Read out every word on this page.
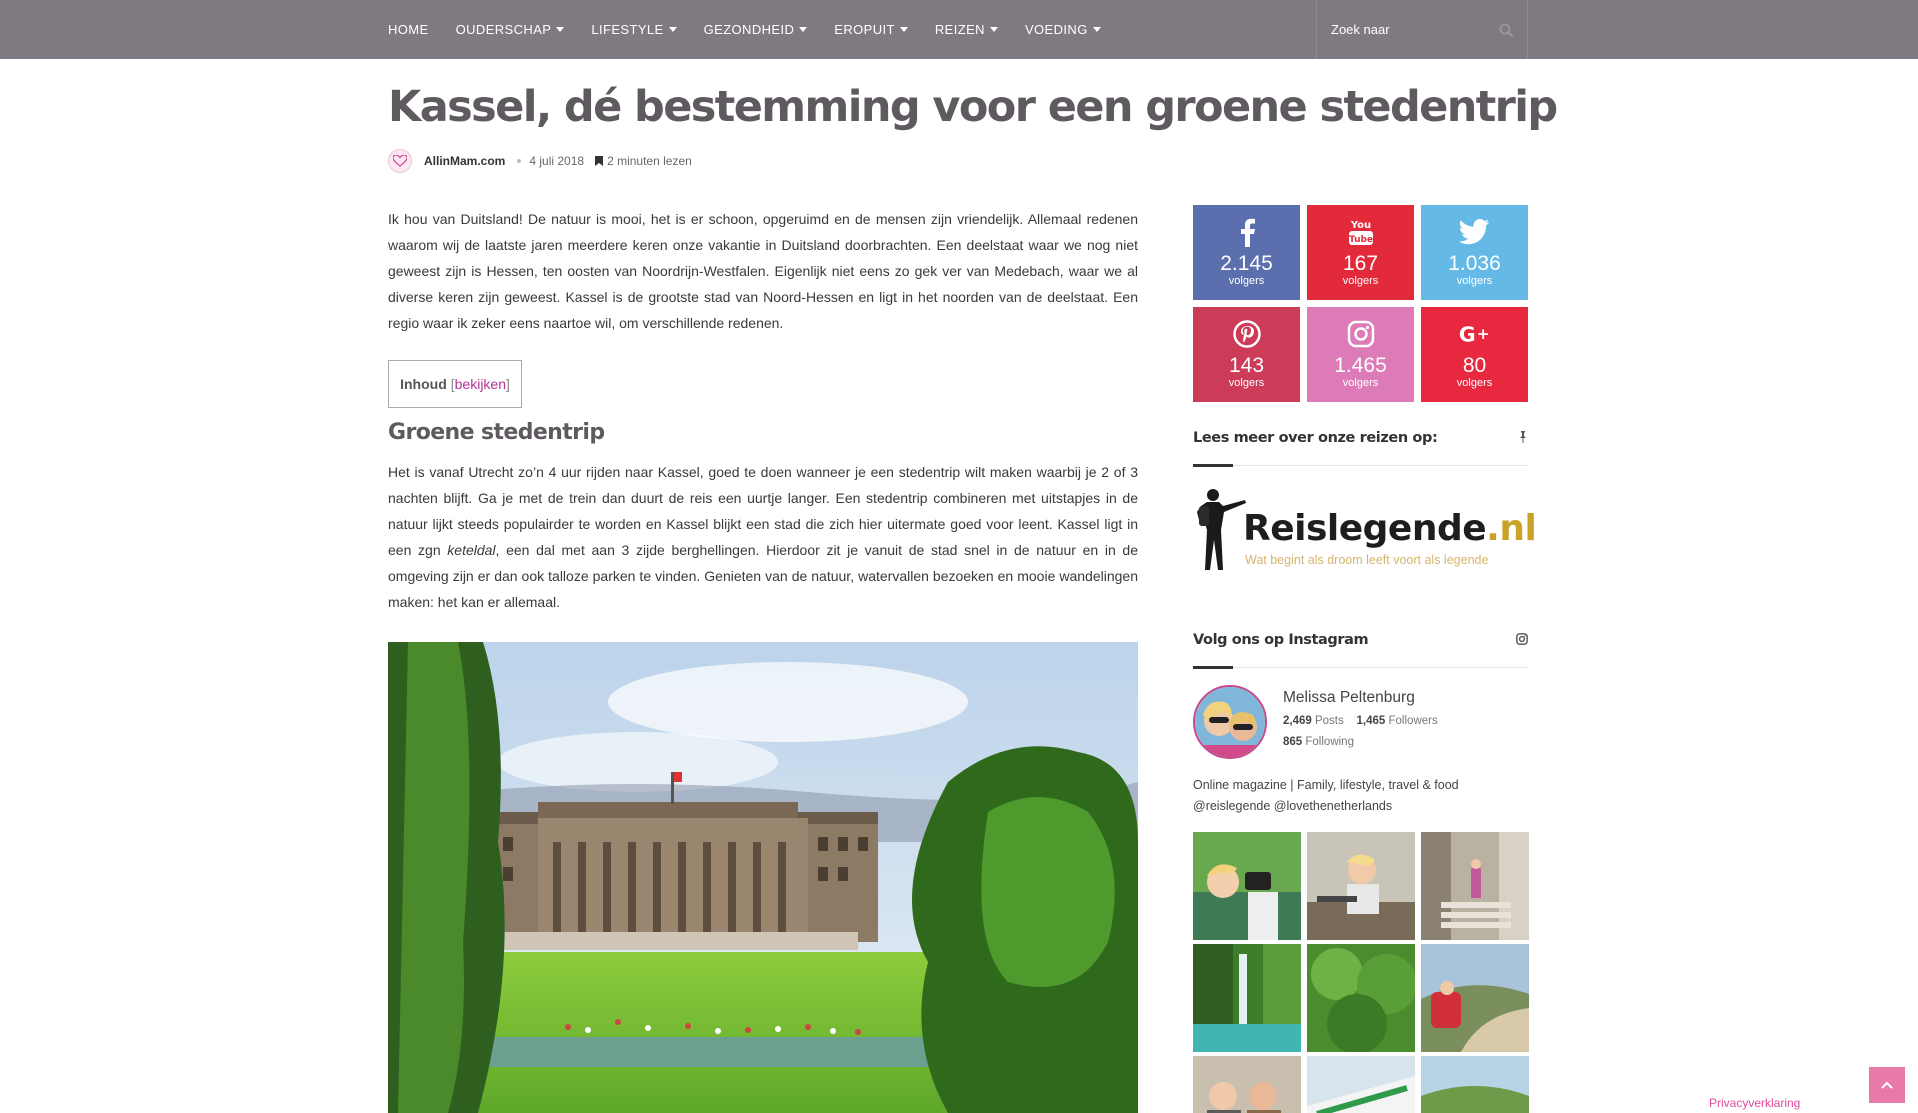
HOME OUDERSCHAP	LIFESTYLE	GEZONDHEID	EROPUIT	REIZEN	VOEDING
Zoek naar
Kassel, dé bestemming voor een groene stedentrip
AllinMam.com 4 juli 2018 2 minuten lezen

Ik hou van Duitsland! De natuur is mooi, het is er schoon, opgeruimd en de mensen zijn vriendelijk. Allemaal redenen waarom wij de laatste jaren meerdere keren onze vakantie in Duitsland doorbrachten. Een deelstaat waar we nog niet geweest zijn is Hessen, ten oosten van Noordrijn-Westfalen. Eigenlijk niet eens zo gek ver van Medebach, waar we al diverse keren zijn geweest. Kassel is de grootste stad van Noord-Hessen en ligt in het noorden van de deelstaat. Een regio waar ik zeker eens naartoe wil, om verschillende redenen.

Inhoud [bekijken]
Groene stedentrip

Het is vanaf Utrecht zo’n 4 uur rijden naar Kassel, goed te doen wanneer je een stedentrip wilt maken waarbij je 2 of 3 nachten blijft. Ga je met de trein dan duurt de reis een uurtje langer. Een stedentrip combineren met uitstapjes in de natuur lijkt steeds populairder te worden en Kassel blijkt een stad die zich hier uitermate goed voor leent. Kassel ligt in een zgn keteldal, een dal met aan 3 zijde berghellingen. Hierdoor zit je vanuit de stad snel in de natuur en in de omgeving zijn er dan ook talloze parken te vinden. Genieten van de natuur, watervallen bezoeken en mooie wandelingen maken: het kan er allemaal.

2.145
volgers
You
Tube
167
volgers
1.036
volgers
143
volgers
1.465
volgers
G +
80
volgers
Lees meer over onze reizen op:
Reislegende.nl
Wat begint als droom leeft voort als legende
Volg ons op Instagram
Melissa Peltenburg
2,469 Posts 1,465 Followers
865 Following
Online magazine | Family, lifestyle, travel & food
@reislegende @lovethenetherlands
Privacyverklaring
